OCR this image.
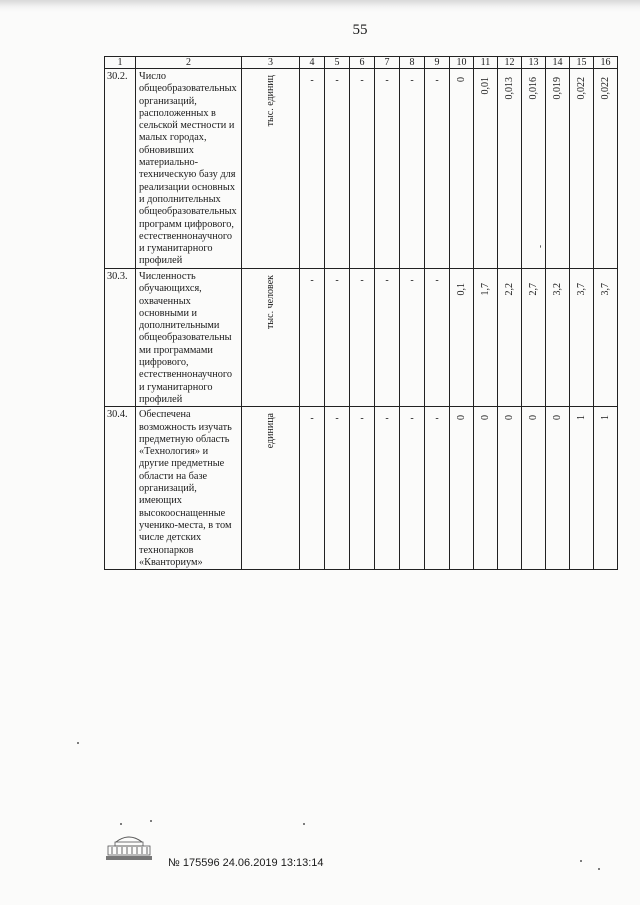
55
1	2	3	4	5	6	7	8	9	10	11	12	13	14	15	16
30.2.	Число общеобразовательных организаций, расположенных в сельской местности и малых городах, обновивших материально-техническую базу для реализации основных и дополнительных общеобразовательных программ цифрового, естественнонаучного и гуманитарного профилей	тыс. единиц	-	-	-	-	-	-	0	0,01	0,013	0,016	0,019	0,022	0,022

30.3.	Численность обучающихся, охваченных основными и дополнительными общеобразовательны ми программами цифрового, естественнонаучного и гуманитарного профилей	тыс. человек	-	-	-	-	-	-	0,1	1,7	2,2	2,7	3,2	3,7	3,7

30.4.	Обеспечена возможность изучать предметную область «Технология» и другие предметные области на базе организаций, имеющих высокооснащенные ученико-места, в том числе детских технопарков «Кванториум»	единица	-	-	-	-	-	-	0	0	0	0	0	1	1
№ 175596 24.06.2019 13:13:14
